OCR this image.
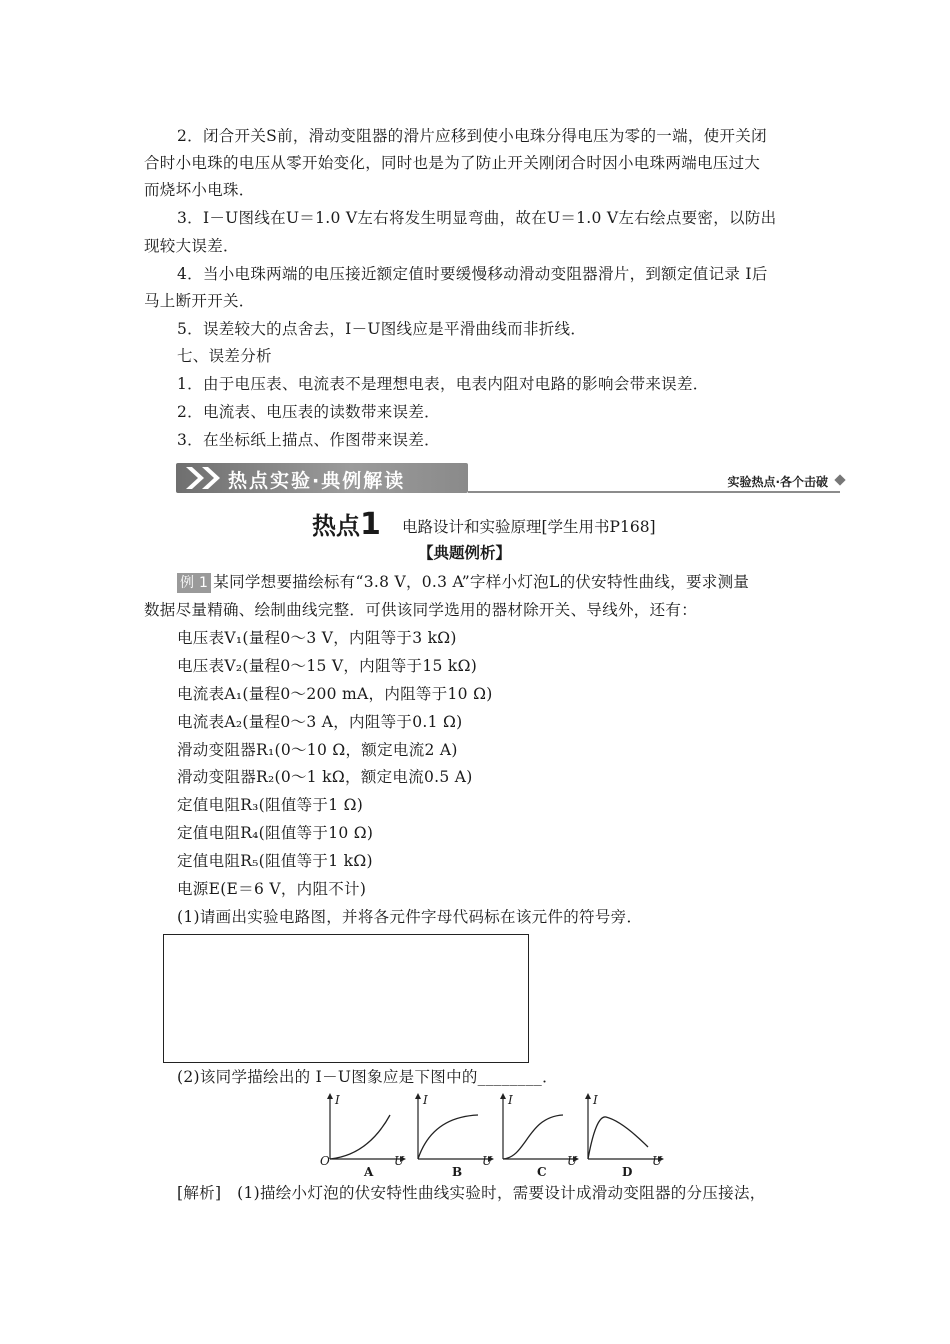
2．闭合开关S前，滑动变阻器的滑片应移到使小电珠分得电压为零的一端，使开关闭
合时小电珠的电压从零开始变化，同时也是为了防止开关刚闭合时因小电珠两端电压过大
而烧坏小电珠．
3．I－U图线在U＝1.0 V左右将发生明显弯曲，故在U＝1.0 V左右绘点要密，以防出
现较大误差．
4．当小电珠两端的电压接近额定值时要缓慢移动滑动变阻器滑片，到额定值记录 I后
马上断开开关．
5．误差较大的点舍去，I－U图线应是平滑曲线而非折线．
七、误差分析
1．由于电压表、电流表不是理想电表，电表内阻对电路的影响会带来误差．
2．电流表、电压表的读数带来误差．
3．在坐标纸上描点、作图带来误差．
热点实验·典例解读	实验热点·各个击破
热点1 电路设计和实验原理[学生用书P168]
【典题例析】
例 1 某同学想要描绘标有“3.8 V，0.3 A”字样小灯泡L的伏安特性曲线，要求测量
数据尽量精确、绘制曲线完整．可供该同学选用的器材除开关、导线外，还有：
电压表V₁(量程0～3 V，内阻等于3 kΩ)
电压表V₂(量程0～15 V，内阻等于15 kΩ)
电流表A₁(量程0～200 mA，内阻等于10 Ω)
电流表A₂(量程0～3 A，内阻等于0.1 Ω)
滑动变阻器R₁(0～10 Ω，额定电流2 A)
滑动变阻器R₂(0～1 kΩ，额定电流0.5 A)
定值电阻R₃(阻值等于1 Ω)
定值电阻R₄(阻值等于10 Ω)
定值电阻R₅(阻值等于1 kΩ)
电源E(E＝6 V，内阻不计)
(1)请画出实验电路图，并将各元件字母代码标在该元件的符号旁．
(2)该同学描绘出的 I－U图象应是下图中的________．
I
U
O
A
I
U
B
I
U
C
I
U
D
[解析]　(1)描绘小灯泡的伏安特性曲线实验时，需要设计成滑动变阻器的分压接法，
